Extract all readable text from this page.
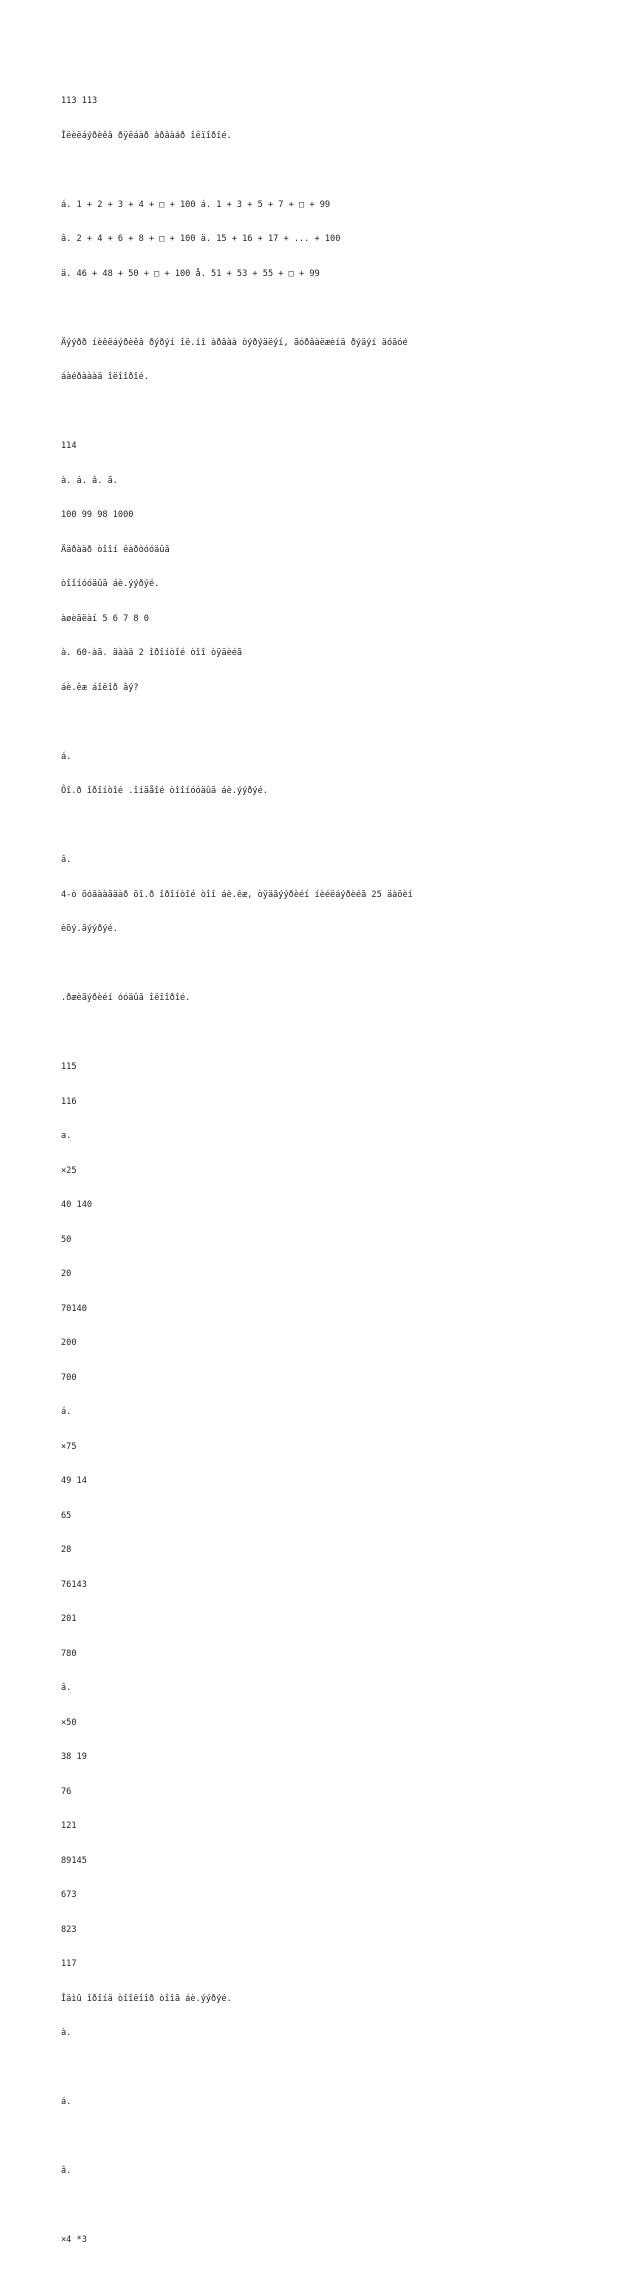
113 113

Îëèëáýðèêâ ðÿëáàð àðâàáð îëïîðîé.

á. 1 + 2 + 3 + 4 + □ + 100 á. 1 + 3 + 5 + 7 + □ + 99

â. 2 + 4 + 6 + 8 + □ + 100 ä. 15 + 16 + 17 + ... + 100

ä. 46 + 48 + 50 + □ + 100 å. 51 + 53 + 55 + □ + 99

Äýýðð íèêëáýðèêâ ðýðýí îë.íî àðâàà òýðýäëýí, ãóðâàëæèíä ðýäýí äóãóé

áàéðàààä îëîîðîé.

114

à. á. â. ã.

100 99 98 1000

Ääðààð òîîí êàðòóóäûã

òîîíóóäûã áè.ýýðýé.

àøèãëàí 5 6 7 8 0

à. 60-àã. äààä 2 îðîíòîé òîî òÿäèéã

áè.êæ áîëîð âý?

á.

Ôî.ð îðîíòîé .îíäåîé òîîíóóäûã áè.ýýðýé.

â.

4-ò õóâààãäàð õî.ð îðîíòîé òîî áè.êæ, òÿäãýýðèéí íèéëáýðèéã 25 äàõèí

èõý.ãýýðýé.

.ðæèãýðèéí óóäûã îëîîðîé.

115

116

a.

×25

40 140

50

20

70140

200

700

á.

×75

49 14

65

28

76143

201

780

â.

×50

38 19

76

121

89145

673

823

117

Îäìû îðîíä òîîëîîð òîîã áè.ýýðýé.

à.

á.

â.

×4 *3
